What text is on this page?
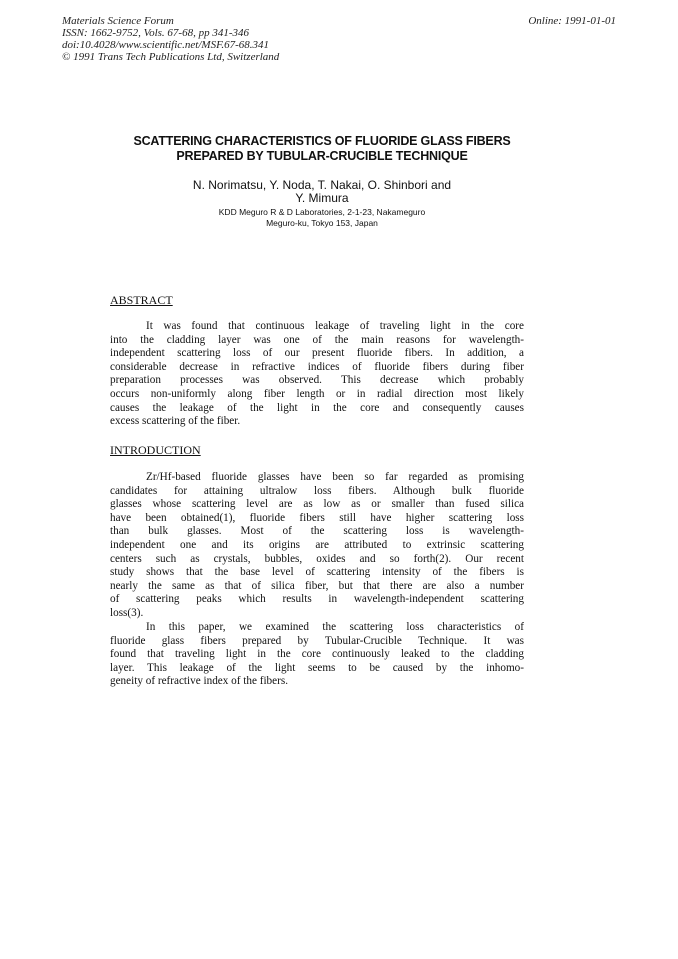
Materials Science Forum
ISSN: 1662-9752, Vols. 67-68, pp 341-346
doi:10.4028/www.scientific.net/MSF.67-68.341
© 1991 Trans Tech Publications Ltd, Switzerland
Online: 1991-01-01
SCATTERING CHARACTERISTICS OF FLUORIDE GLASS FIBERS
PREPARED BY TUBULAR-CRUCIBLE TECHNIQUE
N. Norimatsu, Y. Noda, T. Nakai, O. Shinbori and
Y. Mimura
KDD Meguro R & D Laboratories, 2-1-23, Nakameguro
Meguro-ku, Tokyo 153, Japan
ABSTRACT
It was found that continuous leakage of traveling light in the core
into the cladding layer was one of the main reasons for wavelength-
independent scattering loss of our present fluoride fibers. In addition, a
considerable decrease in refractive indices of fluoride fibers during fiber
preparation processes was observed. This decrease which probably
occurs non-uniformly along fiber length or in radial direction most likely
causes the leakage of the light in the core and consequently causes
excess scattering of the fiber.
INTRODUCTION
Zr/Hf-based fluoride glasses have been so far regarded as promising
candidates for attaining ultralow loss fibers. Although bulk fluoride
glasses whose scattering level are as low as or smaller than fused silica
have been obtained(1), fluoride fibers still have higher scattering loss
than bulk glasses. Most of the scattering loss is wavelength-
independent one and its origins are attributed to extrinsic scattering
centers such as crystals, bubbles, oxides and so forth(2). Our recent
study shows that the base level of scattering intensity of the fibers is
nearly the same as that of silica fiber, but that there are also a number
of scattering peaks which results in wavelength-independent scattering
loss(3).
In this paper, we examined the scattering loss characteristics of
fluoride glass fibers prepared by Tubular-Crucible Technique. It was
found that traveling light in the core continuously leaked to the cladding
layer. This leakage of the light seems to be caused by the inhomo-
geneity of refractive index of the fibers.
